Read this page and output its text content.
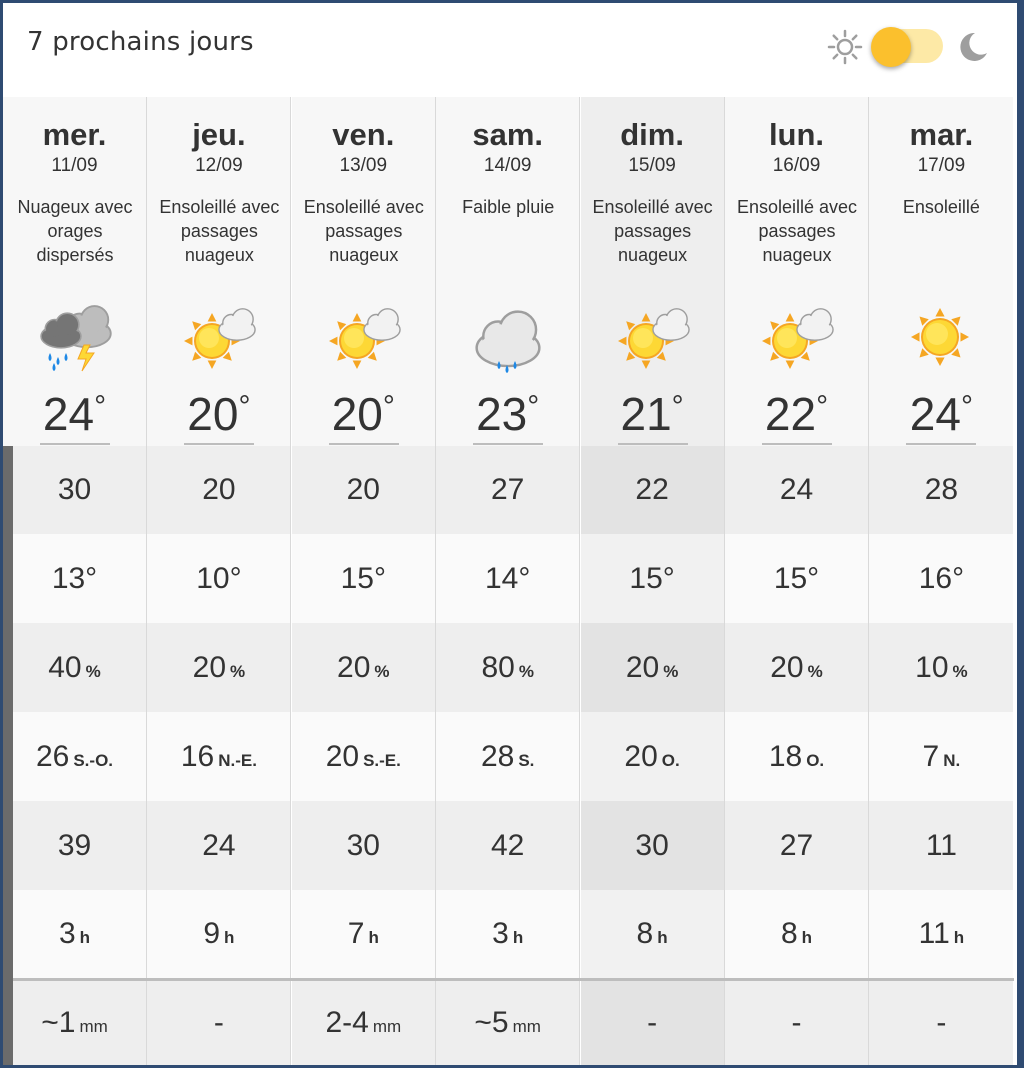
7 prochains jours
mer.
11/09
Nuageux avec
orages
dispersés
24°
30
13°
40 %
26 S.-O.
39
3 h
~1 mm
jeu.
12/09
Ensoleillé avec
passages
nuageux
20°
20
10°
20 %
16 N.-E.
24
9 h
-
ven.
13/09
Ensoleillé avec
passages
nuageux
20°
20
15°
20 %
20 S.-E.
30
7 h
2-4 mm
sam.
14/09
Faible pluie
23°
27
14°
80 %
28 S.
42
3 h
~5 mm
dim.
15/09
Ensoleillé avec
passages
nuageux
21°
22
15°
20 %
20 O.
30
8 h
-
lun.
16/09
Ensoleillé avec
passages
nuageux
22°
24
15°
20 %
18 O.
27
8 h
-
mar.
17/09
Ensoleillé
24°
28
16°
10 %
7 N.
11
11 h
-
